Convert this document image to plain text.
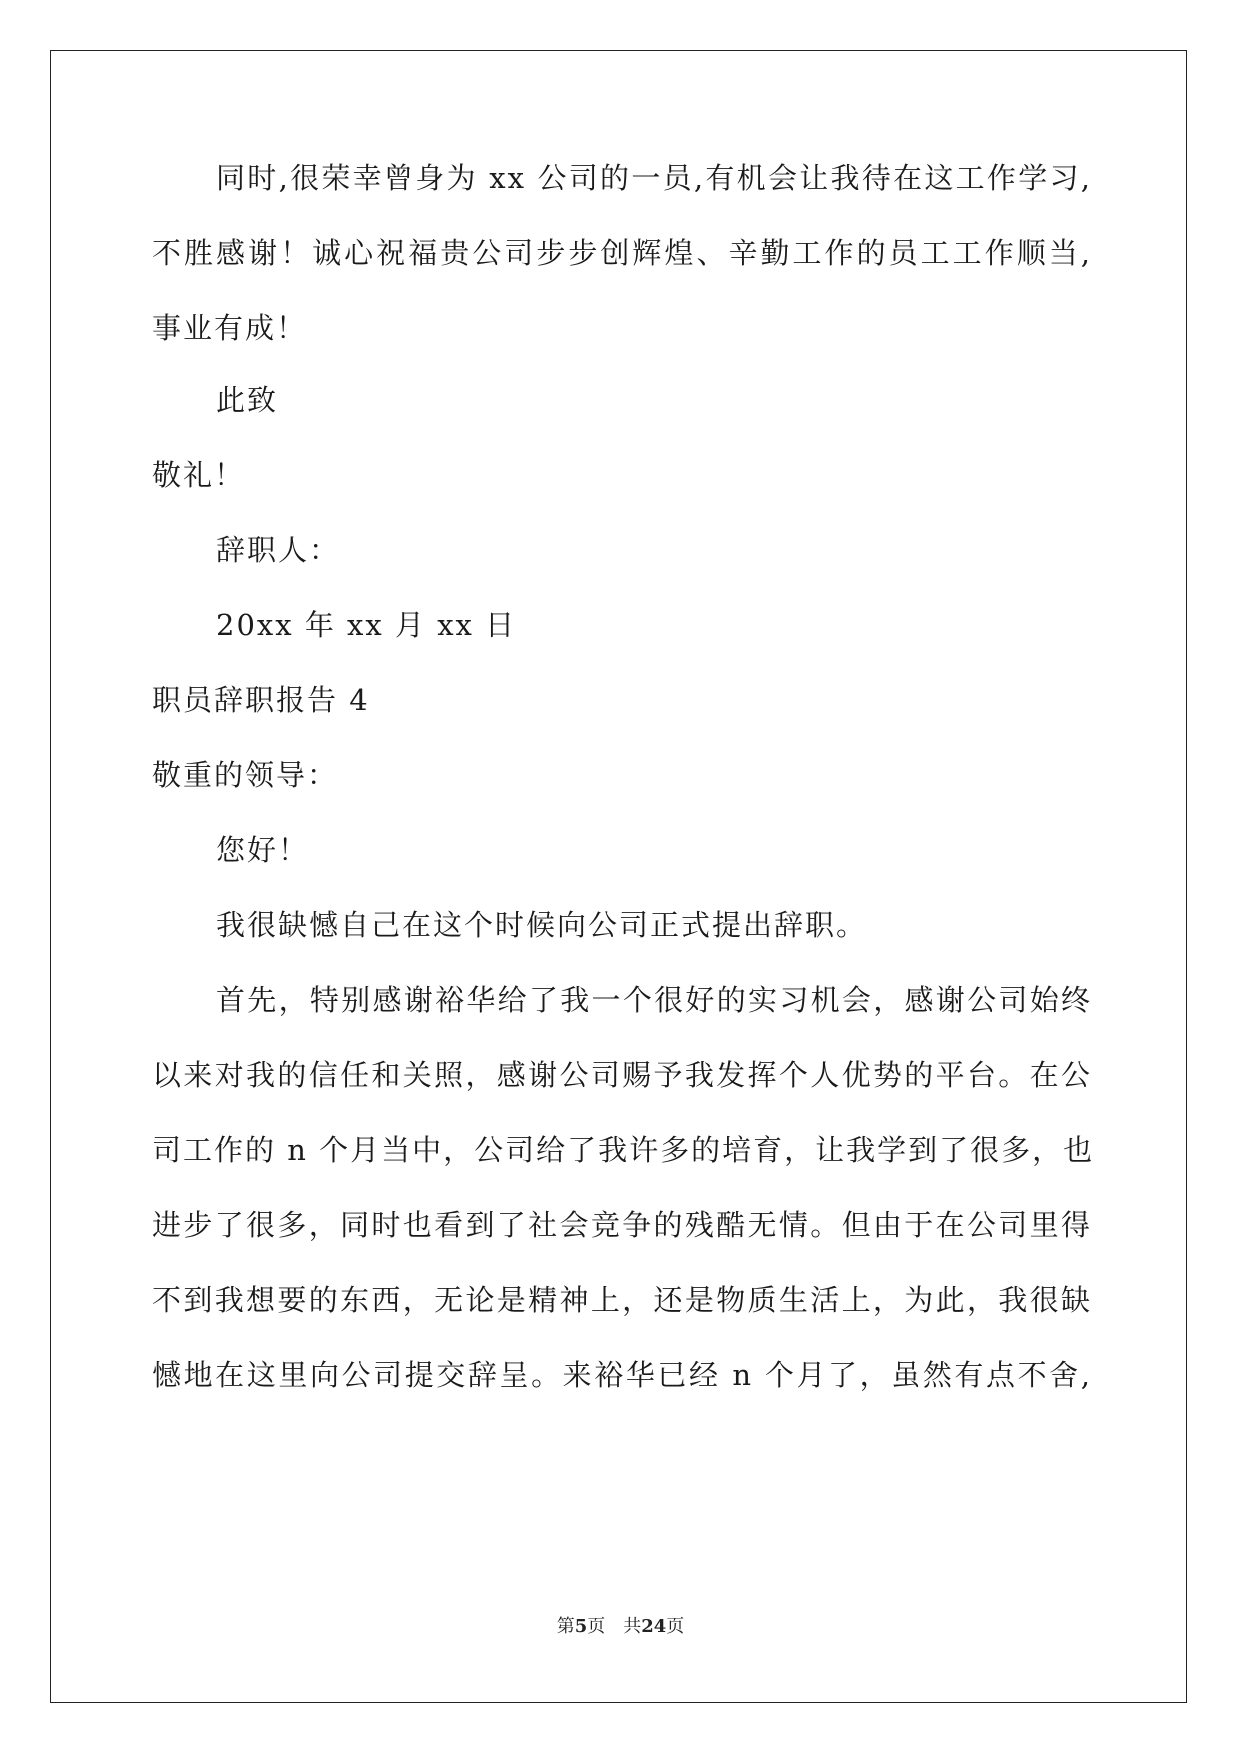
同时,很荣幸曾身为 xx 公司的一员,有机会让我待在这工作学习,
不胜感谢！诚心祝福贵公司步步创辉煌、辛勤工作的员工工作顺当,
事业有成！
此致
敬礼！
辞职人：
20xx 年 xx 月 xx 日
职员辞职报告 4
敬重的领导：
您好！
我很缺憾自己在这个时候向公司正式提出辞职。
首先，特别感谢裕华给了我一个很好的实习机会，感谢公司始终
以来对我的信任和关照，感谢公司赐予我发挥个人优势的平台。在公
司工作的 n 个月当中，公司给了我许多的培育，让我学到了很多，也
进步了很多，同时也看到了社会竞争的残酷无情。但由于在公司里得
不到我想要的东西，无论是精神上，还是物质生活上，为此，我很缺
憾地在这里向公司提交辞呈。来裕华已经 n 个月了，虽然有点不舍,
第5页 共24页
